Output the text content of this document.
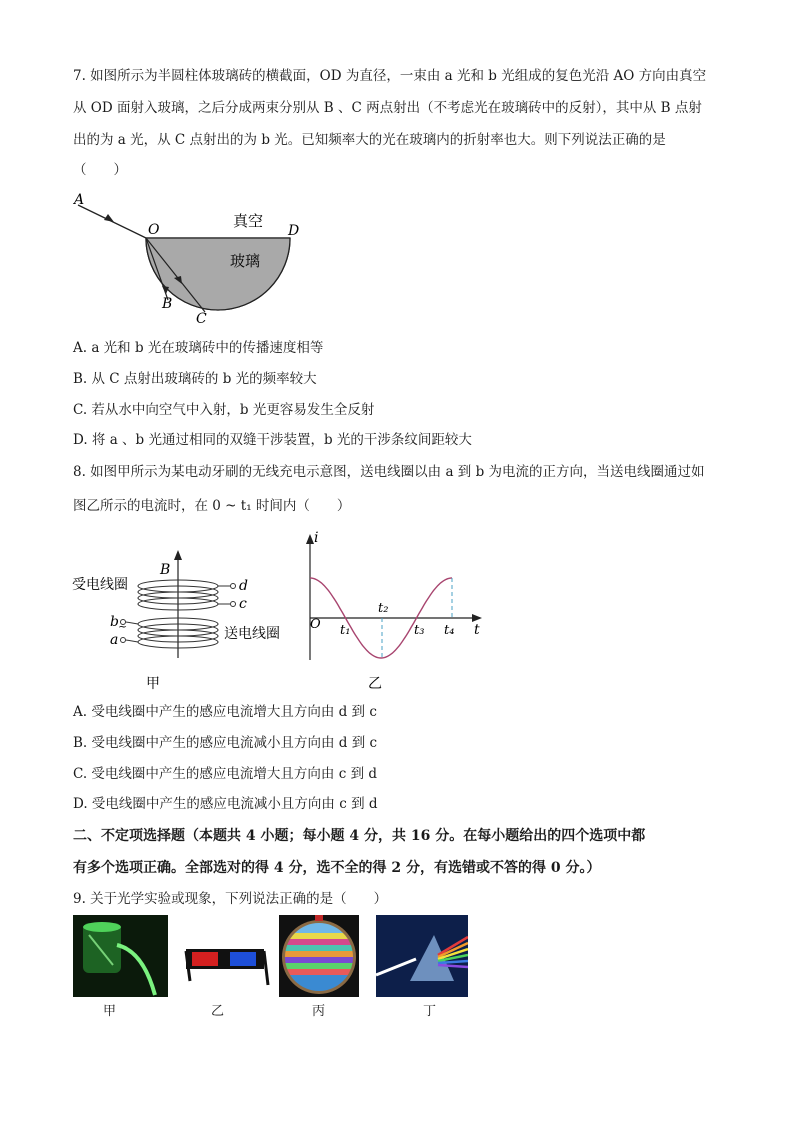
7. 如图所示为半圆柱体玻璃砖的横截面，OD 为直径，一束由 a 光和 b 光组成的复色光沿 AO 方向由真空
从 OD 面射入玻璃，之后分成两束分别从 B 、C 两点射出（不考虑光在玻璃砖中的反射），其中从 B 点射
出的为 a 光，从 C 点射出的为 b 光。已知频率大的光在玻璃内的折射率也大。则下列说法正确的是
（　　）
A
O	D
B
C
真空
玻璃
A. a 光和 b 光在玻璃砖中的传播速度相等
B. 从 C 点射出玻璃砖的 b 光的频率较大
C. 若从水中向空气中入射，b 光更容易发生全反射
D. 将 a 、b 光通过相同的双缝干涉装置，b 光的干涉条纹间距较大
8. 如图甲所示为某电动牙刷的无线充电示意图，送电线圈以由 a 到 b 为电流的正方向，当送电线圈通过如
图乙所示的电流时，在 0 ~ t₁ 时间内（　　）
~
受电线圈
送电线圈
B
d
c
b
a
甲
i
t
O t₁
t₂
t₃ t₄
乙
A. 受电线圈中产生的感应电流增大且方向由 d 到 c
B. 受电线圈中产生的感应电流减小且方向由 d 到 c
C. 受电线圈中产生的感应电流增大且方向由 c 到 d
D. 受电线圈中产生的感应电流减小且方向由 c 到 d
二、不定项选择题（本题共 4 小题；每小题 4 分，共 16 分。在每小题给出的四个选项中都
有多个选项正确。全部选对的得 4 分，选不全的得 2 分，有选错或不答的得 0 分。）
9. 关于光学实验或现象，下列说法正确的是（　　）
甲	乙	丙	丁
